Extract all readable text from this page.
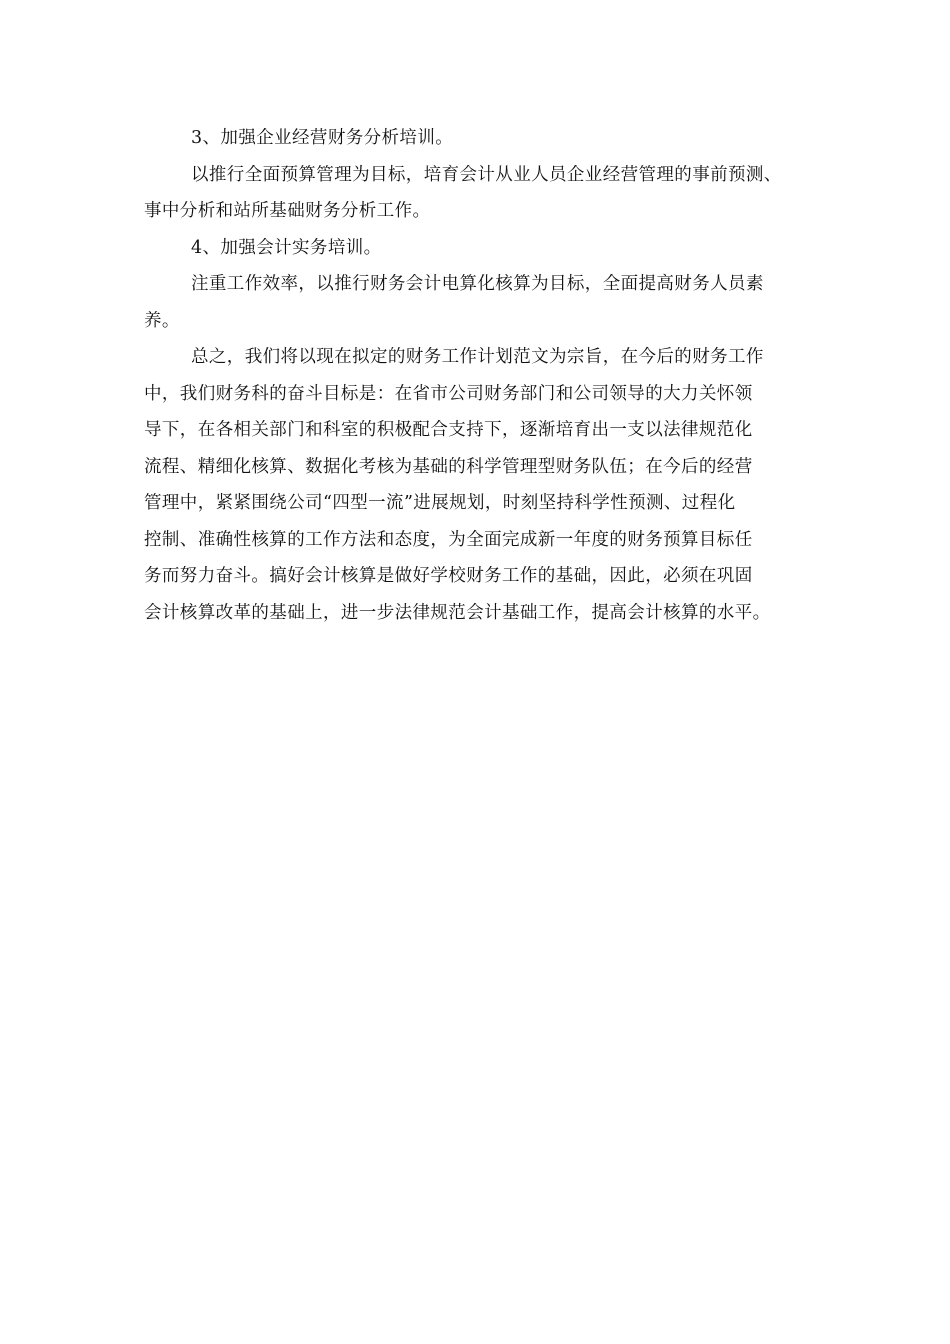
3、加强企业经营财务分析培训。
以推行全面预算管理为目标，培育会计从业人员企业经营管理的事前预测、
事中分析和站所基础财务分析工作。
4、加强会计实务培训。
注重工作效率，以推行财务会计电算化核算为目标，全面提高财务人员素
养。
总之，我们将以现在拟定的财务工作计划范文为宗旨，在今后的财务工作
中，我们财务科的奋斗目标是：在省市公司财务部门和公司领导的大力关怀领
导下，在各相关部门和科室的积极配合支持下，逐渐培育出一支以法律规范化
流程、精细化核算、数据化考核为基础的科学管理型财务队伍；在今后的经营
管理中，紧紧围绕公司“四型一流”进展规划，时刻坚持科学性预测、过程化
控制、准确性核算的工作方法和态度，为全面完成新一年度的财务预算目标任
务而努力奋斗。搞好会计核算是做好学校财务工作的基础，因此，必须在巩固
会计核算改革的基础上，进一步法律规范会计基础工作，提高会计核算的水平。
